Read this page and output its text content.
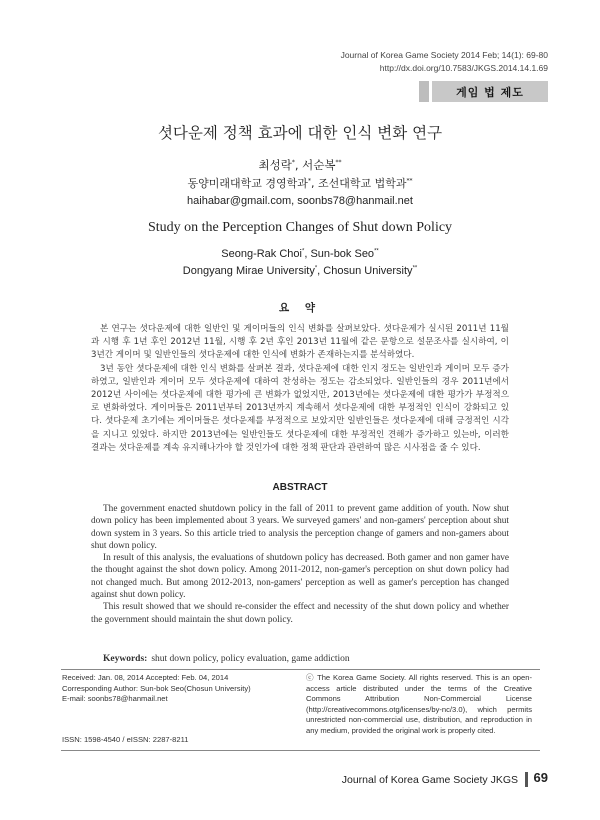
Journal of Korea Game Society 2014 Feb; 14(1): 69-80
http://dx.doi.org/10.7583/JKGS.2014.14.1.69
게임 법 제도
셧다운제 정책 효과에 대한 인식 변화 연구
최성락*, 서순복**
동양미래대학교 경영학과*, 조선대학교 법학과**
haihabar@gmail.com, soonbs78@hanmail.net
Study on the Perception Changes of Shut down Policy
Seong-Rak Choi*, Sun-bok Seo**
Dongyang Mirae University*, Chosun University**
요 약

본 연구는 셧다운제에 대한 일반인 및 게이머들의 인식 변화를 살펴보았다. 셧다운제가 실시된 2011년 11월과 시행 후 1년 후인 2012년 11월, 시행 후 2년 후인 2013년 11월에 같은 문항으로 설문조사를 실시하여, 이 3년간 게이머 및 일반인들의 셧다운제에 대한 인식에 변화가 존재하는지를 분석하였다.

3년 동안 셧다운제에 대한 인식 변화를 살펴본 결과, 셧다운제에 대한 인지 정도는 일반인과 게이머 모두 증가하였고, 일반인과 게이머 모두 셧다운제에 대하여 찬성하는 정도는 감소되었다. 일반인들의 경우 2011년에서 2012년 사이에는 셧다운제에 대한 평가에 큰 변화가 없었지만, 2013년에는 셧다운제에 대한 평가가 부정적으로 변화하였다. 게이머들은 2011년부터 2013년까지 계속해서 셧다운제에 대한 부정적인 인식이 강화되고 있다. 셧다운제 초기에는 게이머들은 셧다운제를 부정적으로 보았지만 일반인들은 셧다운제에 대해 긍정적인 시각을 지니고 있었다. 하지만 2013년에는 일반인들도 셧다운제에 대한 부정적인 견해가 증가하고 있는바, 이러한 결과는 셧다운제를 계속 유지해나가야 할 것인가에 대한 정책 판단과 관련하여 많은 시사점을 줄 수 있다.

ABSTRACT

The government enacted shutdown policy in the fall of 2011 to prevent game addition of youth. Now shut down policy has been implemented about 3 years. We surveyed gamers' and non-gamers' perception about shut down system in 3 years. So this article tried to analysis the perception change of gamers and non-gamers about shut down policy.

In result of this analysis, the evaluations of shutdown policy has decreased. Both gamer and non gamer have the thought against the shot down policy. Among 2011-2012, non-gamer's perception on shut down policy had not changed much. But among 2012-2013, non-gamers' perception as well as gamer's perception has changed against shut down policy.

This result showed that we should re-consider the effect and necessity of the shut down policy and whether the government should maintain the shut down policy.

Keywords: shut down policy, policy evaluation, game addiction
Received: Jan. 08, 2014 Accepted: Feb. 04, 2014
Corresponding Author: Sun-bok Seo(Chosun University)
E-mail: soonbs78@hanmail.net
ISSN: 1598-4540 / eISSN: 2287-8211
ⓒ The Korea Game Society. All rights reserved. This is an open-access article distributed under the terms of the Creative Commons Attribution Non-Commercial License (http://creativecommons.otg/licenses/by-nc/3.0), which permits unrestricted non-commercial use, distribution, and reproduction in any medium, provided the original work is properly cited.
Journal of Korea Game Society JKGS 69
